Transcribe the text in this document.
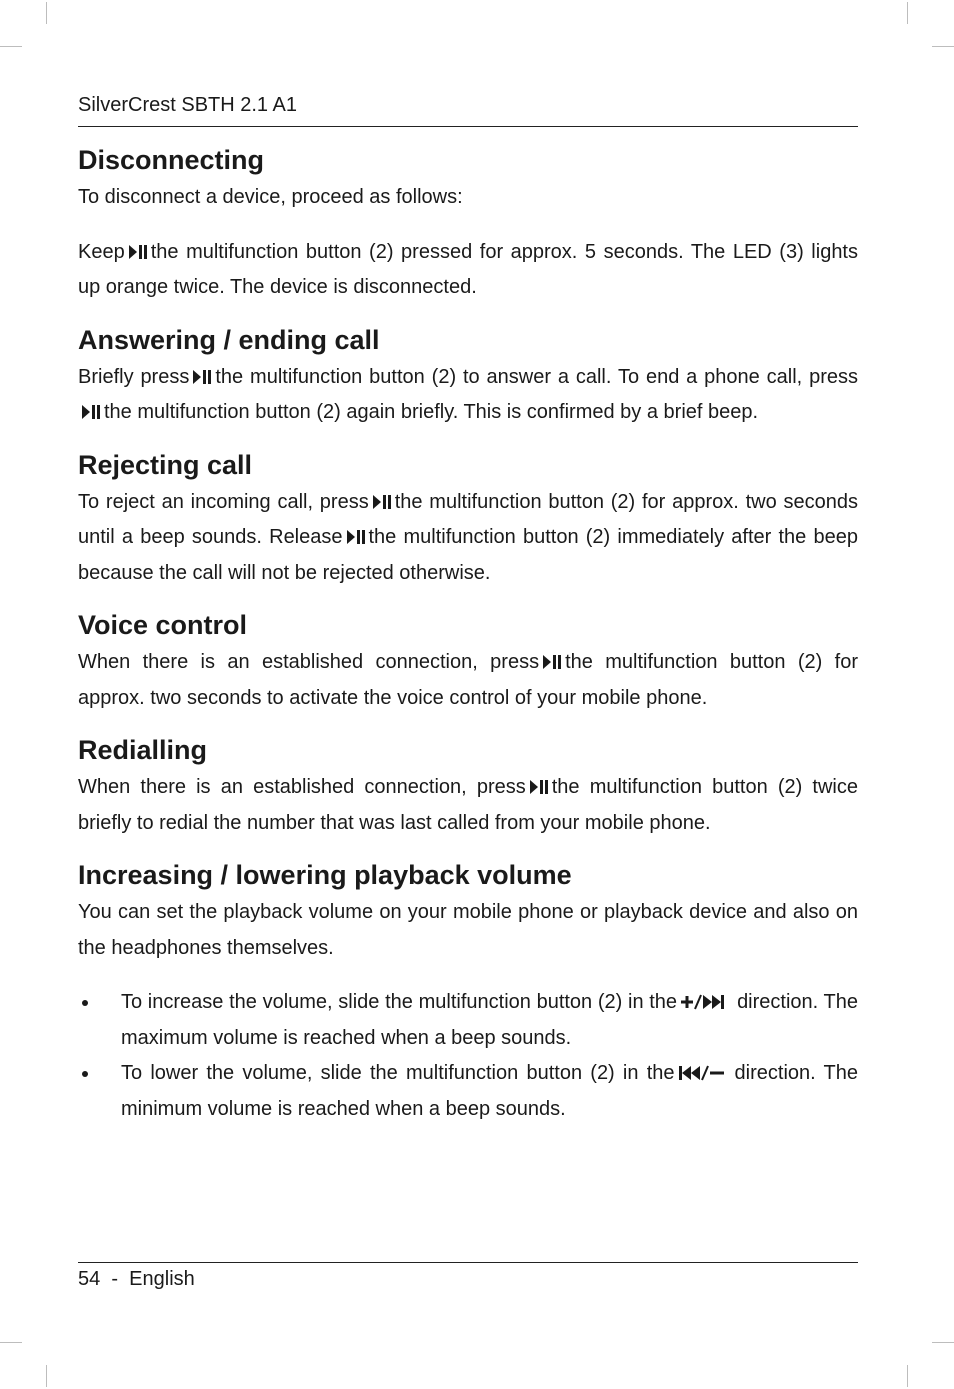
SilverCrest SBTH 2.1 A1
Disconnecting

To disconnect a device, proceed as follows:

Keep the multifunction button (2) pressed for approx. 5 seconds. The LED (3) lights up orange twice. The device is disconnected.

Answering / ending call

Briefly press the multifunction button (2) to answer a call. To end a phone call, pressthe multifunction button (2) again briefly. This is confirmed by a brief beep.

Rejecting call

To reject an incoming call, press the multifunction button (2) for approx. two seconds until a beep sounds. Release the multifunction button (2) immediately after the beep because the call will not be rejected otherwise.

Voice control

When there is an established connection, press the multifunction button (2) for approx. two seconds to activate the voice control of your mobile phone.

Redialling

When there is an established connection, press the multifunction button (2) twice briefly to redial the number that was last called from your mobile phone.

Increasing / lowering playback volume

You can set the playback volume on your mobile phone or playback device and also on the headphones themselves.

To increase the volume, slide the multifunction button (2) in the	direction. The maximum volume is reached when a beep sounds.
To lower the volume, slide the multifunction button (2) in the	direction. The minimum volume is reached when a beep sounds.
54 - English
